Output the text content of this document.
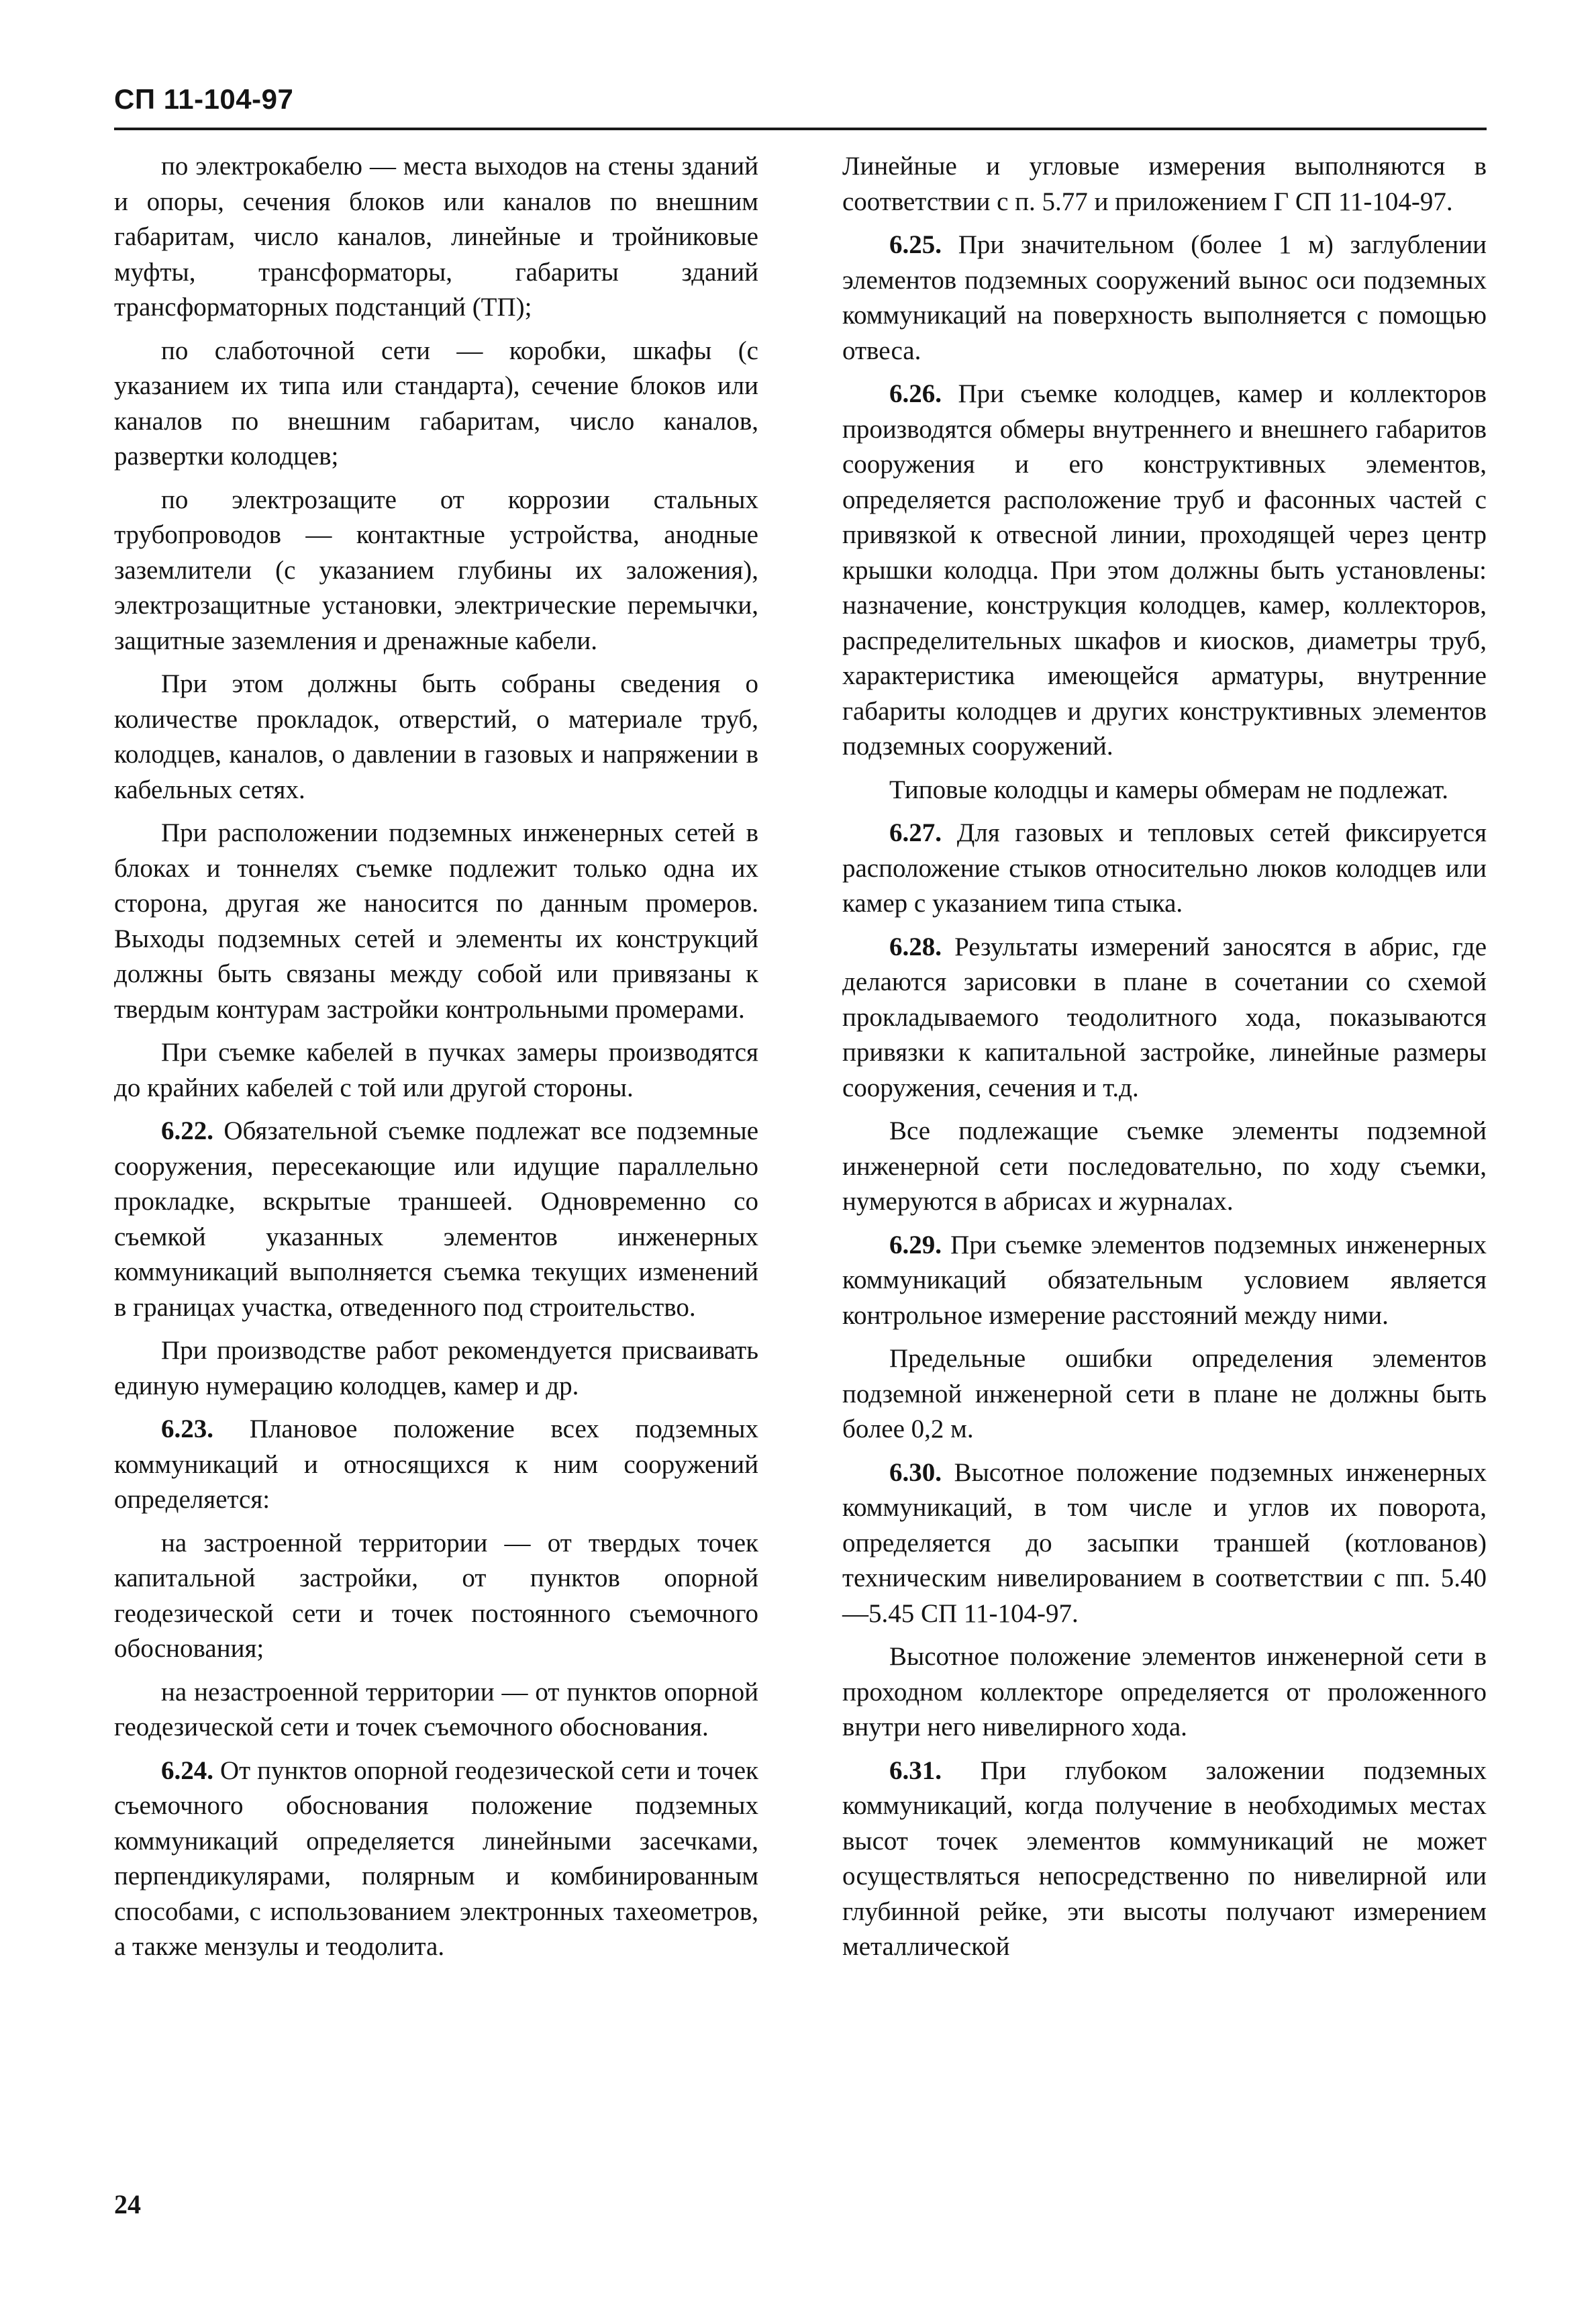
СП 11-104-97

по электрокабелю — места выходов на стены зданий и опоры, сечения блоков или каналов по внешним габаритам, число каналов, линейные и тройниковые муфты, трансформаторы, габариты зданий трансформаторных подстанций (ТП);

по слаботочной сети — коробки, шкафы (с указанием их типа или стандарта), сечение блоков или каналов по внешним габаритам, число каналов, развертки колодцев;

по электрозащите от коррозии стальных трубопроводов — контактные устройства, анодные заземлители (с указанием глубины их заложения), электрозащитные установки, электрические перемычки, защитные заземления и дренажные кабели.

При этом должны быть собраны сведения о количестве прокладок, отверстий, о материале труб, колодцев, каналов, о давлении в газовых и напряжении в кабельных сетях.

При расположении подземных инженерных сетей в блоках и тоннелях съемке подлежит только одна их сторона, другая же наносится по данным промеров. Выходы подземных сетей и элементы их конструкций должны быть связаны между собой или привязаны к твердым контурам застройки контрольными промерами.

При съемке кабелей в пучках замеры производятся до крайних кабелей с той или другой стороны.

6.22. Обязательной съемке подлежат все подземные сооружения, пересекающие или идущие параллельно прокладке, вскрытые траншеей. Одновременно со съемкой указанных элементов инженерных коммуникаций выполняется съемка текущих изменений в границах участка, отведенного под строительство.

При производстве работ рекомендуется присваивать единую нумерацию колодцев, камер и др.

6.23. Плановое положение всех подземных коммуникаций и относящихся к ним сооружений определяется:

на застроенной территории — от твердых точек капитальной застройки, от пунктов опорной геодезической сети и точек постоянного съемочного обоснования;

на незастроенной территории — от пунктов опорной геодезической сети и точек съемочного обоснования.

6.24. От пунктов опорной геодезической сети и точек съемочного обоснования положение подземных коммуникаций определяется линейными засечками, перпендикулярами, полярным и комбинированным способами, с использованием электронных тахеометров, а также мензулы и теодолита.

Линейные и угловые измерения выполняются в соответствии с п. 5.77 и приложением Г СП 11-104-97.

6.25. При значительном (более 1 м) заглублении элементов подземных сооружений вынос оси подземных коммуникаций на поверхность выполняется с помощью отвеса.

6.26. При съемке колодцев, камер и коллекторов производятся обмеры внутреннего и внешнего габаритов сооружения и его конструктивных элементов, определяется расположение труб и фасонных частей с привязкой к отвесной линии, проходящей через центр крышки колодца. При этом должны быть установлены: назначение, конструкция колодцев, камер, коллекторов, распределительных шкафов и киосков, диаметры труб, характеристика имеющейся арматуры, внутренние габариты колодцев и других конструктивных элементов подземных сооружений.

Типовые колодцы и камеры обмерам не подлежат.

6.27. Для газовых и тепловых сетей фиксируется расположение стыков относительно люков колодцев или камер с указанием типа стыка.

6.28. Результаты измерений заносятся в абрис, где делаются зарисовки в плане в сочетании со схемой прокладываемого теодолитного хода, показываются привязки к капитальной застройке, линейные размеры сооружения, сечения и т.д.

Все подлежащие съемке элементы подземной инженерной сети последовательно, по ходу съемки, нумеруются в абрисах и журналах.

6.29. При съемке элементов подземных инженерных коммуникаций обязательным условием является контрольное измерение расстояний между ними.

Предельные ошибки определения элементов подземной инженерной сети в плане не должны быть более 0,2 м.

6.30. Высотное положение подземных инженерных коммуникаций, в том числе и углов их поворота, определяется до засыпки траншей (котлованов) техническим нивелированием в соответствии с пп. 5.40—5.45 СП 11-104-97.

Высотное положение элементов инженерной сети в проходном коллекторе определяется от проложенного внутри него нивелирного хода.

6.31. При глубоком заложении подземных коммуникаций, когда получение в необходимых местах высот точек элементов коммуникаций не может осуществляться непосредственно по нивелирной или глубинной рейке, эти высоты получают измерением металлической

24
